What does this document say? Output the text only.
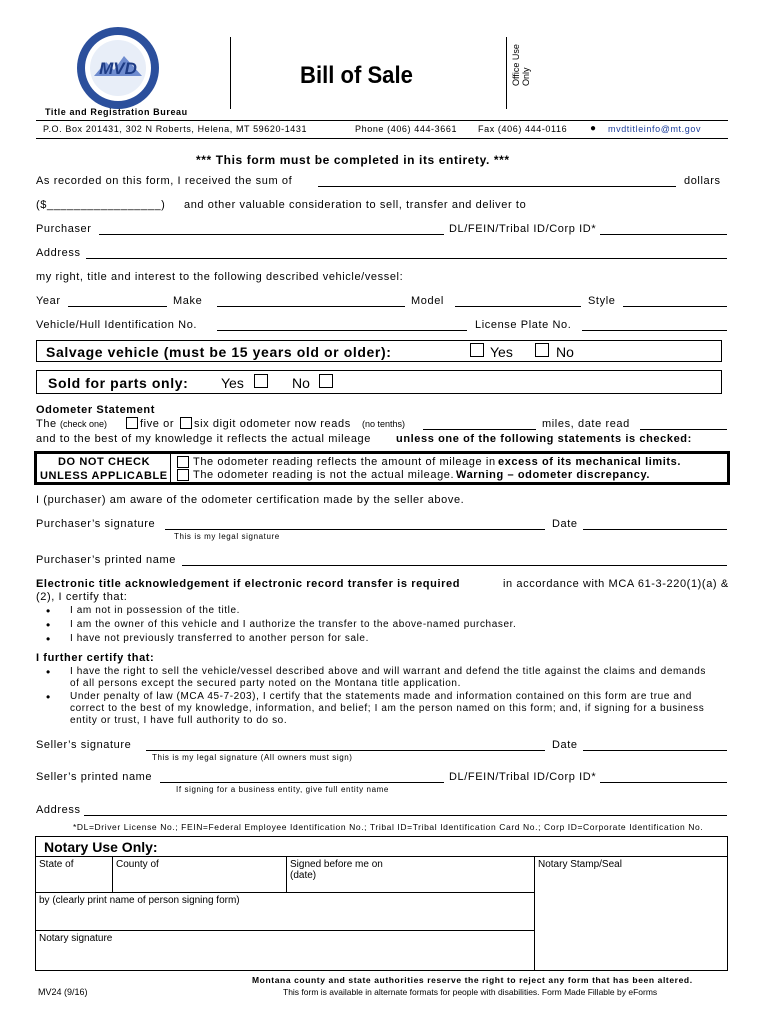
MVD	Bill of Sale	Office Use Only
Title and Registration Bureau
P.O. Box 201431, 302 N Roberts, Helena, MT 59620-1431	Phone (406) 444-3661 Fax (406) 444-0116 ● mvdtitleinfo@mt.gov
*** This form must be completed in its entirety. ***
As recorded on this form, I received the sum of	dollars
($_________________) and other valuable consideration to sell, transfer and deliver to
Purchaser	DL/FEIN/Tribal ID/Corp ID*
Address
my right, title and interest to the following described vehicle/vessel:
Year	Make	Model	Style
Vehicle/Hull Identification No.	License Plate No.
Salvage vehicle (must be 15 years old or older):	Yes	No
Sold for parts only: Yes	No
Odometer Statement
The (check one)	five or six digit odometer now reads (no tenths)	miles, date read
and to the best of my knowledge it reflects the actual mileage unless one of the following statements is checked:
DO NOT CHECK
UNLESS APPLICABLE
The odometer reading reflects the amount of mileage in excess of its mechanical limits.
The odometer reading is not the actual mileage. Warning – odometer discrepancy.
I (purchaser) am aware of the odometer certification made by the seller above.
Purchaser’s signature	Date
This is my legal signature
Purchaser’s printed name
Electronic title acknowledgement if electronic record transfer is required	in accordance with MCA 61-3-220(1)(a) &
(2), I certify that:
• I am not in possession of the title.
• I am the owner of this vehicle and I authorize the transfer to the above-named purchaser.
• I have not previously transferred to another person for sale.
I further certify that:
• I have the right to sell the vehicle/vessel described above and will warrant and defend the title against the claims and demands
of all persons except the secured party noted on the Montana title application.
• Under penalty of law (MCA 45-7-203), I certify that the statements made and information contained on this form are true and
correct to the best of my knowledge, information, and belief; I am the person named on this form; and, if signing for a business
entity or trust, I have full authority to do so.
Seller’s signature	Date
This is my legal signature (All owners must sign)
Seller’s printed name	DL/FEIN/Tribal ID/Corp ID*
If signing for a business entity, give full entity name
Address
*DL=Driver License No.; FEIN=Federal Employee Identification No.; Tribal ID=Tribal Identification Card No.; Corp ID=Corporate Identification No.
Notary Use Only:
State of	County of	Signed before me on (date)
	Notary Stamp/Seal
by (clearly print name of person signing form)
Notary signature
Montana county and state authorities reserve the right to reject any form that has been altered.
MV24 (9/16)	This form is available in alternate formats for people with disabilities. Form Made Fillable by eForms
